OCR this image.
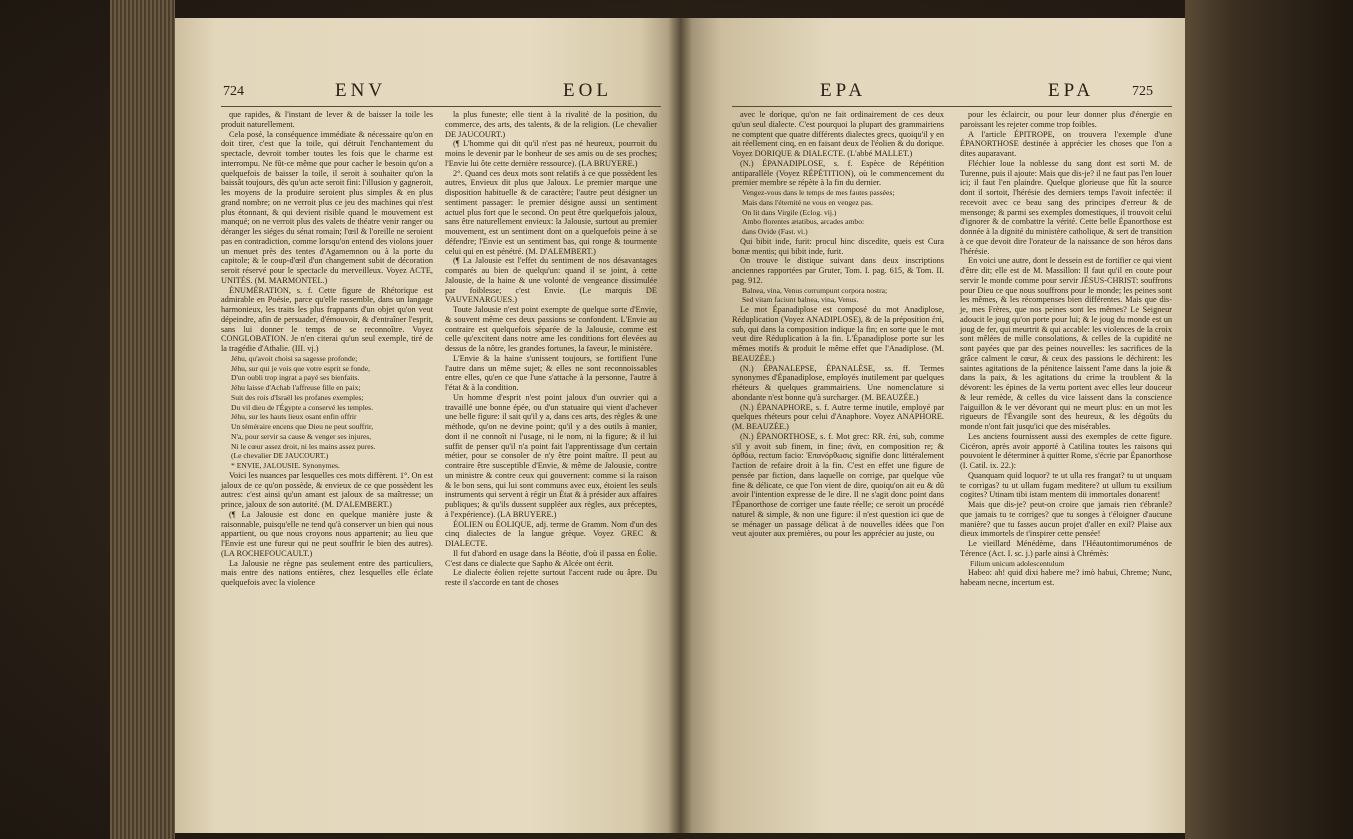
724	ENV	EOL

que rapides, & l'instant de lever & de baisser la toile les produit naturellement.

Cela posé, la conséquence immédiate & nécessaire qu'on en doit tirer, c'est que la toile, qui détruit l'enchantement du spectacle, devroit tomber toutes les fois que le charme est interrompu. Ne fût-ce même que pour cacher le besoin qu'on a quelquefois de baisser la toile, il seroit à souhaiter qu'on la baissât toujours, dès qu'un acte seroit fini: l'illusion y gagneroit, les moyens de la produire seroient plus simples & en plus grand nombre; on ne verroit plus ce jeu des machines qui n'est plus étonnant, & qui devient risible quand le mouvement est manqué; on ne verroit plus des valets de théatre venir ranger ou déranger les siéges du sénat romain; l'œil & l'oreille ne seroient pas en contradiction, comme lorsqu'on entend des violons jouer un menuet près des tentes d'Agamemnon ou à la porte du capitole; & le coup-d'œil d'un changement subit de décoration seroit réservé pour le spectacle du merveilleux. Voyez ACTE, UNITÉS. (M. MARMONTEL.)

ÉNUMÉRATION, s. f. Cette figure de Rhétorique est admirable en Poésie, parce qu'elle rassemble, dans un langage harmonieux, les traits les plus frappants d'un objet qu'on veut dépeindre, afin de persuader, d'émouvoir, & d'entraîner l'esprit, sans lui donner le temps de se reconnoître. Voyez CONGLOBATION. Je n'en citerai qu'un seul exemple, tiré de la tragédie d'Athalie. (III. vj.)

Jéhu, qu'avoit choisi sa sagesse profonde;

Jéhu, sur qui je vois que votre esprit se fonde,

D'un oubli trop ingrat a payé ses bienfaits.

Jéhu laisse d'Achab l'affreuse fille en paix;

Suit des rois d'Israël les profanes exemples;

Du vil dieu de l'Égypte a conservé les temples.

Jéhu, sur les hauts lieux osant enfin offrir

Un téméraire encens que Dieu ne peut souffrir,

N'a, pour servir sa cause & venger ses injures,

Ni le cœur assez droit, ni les mains assez pures.

(Le chevalier DE JAUCOURT.)

* ENVIE, JALOUSIE. Synonymes.

Voici les nuances par lesquelles ces mots diffèrent. 1°. On est jaloux de ce qu'on possède, & envieux de ce que possèdent les autres: c'est ainsi qu'un amant est jaloux de sa maîtresse; un prince, jaloux de son autorité. (M. D'ALEMBERT.)

(¶ La Jalousie est donc en quelque manière juste & raisonnable, puisqu'elle ne tend qu'à conserver un bien qui nous appartient, ou que nous croyons nous appartenir; au lieu que l'Envie est une fureur qui ne peut souffrir le bien des autres). (LA ROCHEFOUCAULT.)

La Jalousie ne règne pas seulement entre des particuliers, mais entre des nations entières, chez lesquelles elle éclate quelquefois avec la violence

la plus funeste; elle tient à la rivalité de la position, du commerce, des arts, des talents, & de la religion. (Le chevalier DE JAUCOURT.)

(¶ L'homme qui dit qu'il n'est pas né heureux, pourroit du moins le devenir par le bonheur de ses amis ou de ses proches; l'Envie lui ôte cette dernière ressource). (LA BRUYERE.)

2°. Quand ces deux mots sont relatifs à ce que possèdent les autres, Envieux dit plus que Jaloux. Le premier marque une disposition habituelle & de caractère; l'autre peut désigner un sentiment passager: le premier désigne aussi un sentiment actuel plus fort que le second. On peut être quelquefois jaloux, sans être naturellement envieux: la Jalousie, surtout au premier mouvement, est un sentiment dont on a quelquefois peine à se défendre; l'Envie est un sentiment bas, qui ronge & tourmente celui qui en est pénétré. (M. D'ALEMBERT.)

(¶ La Jalousie est l'effet du sentiment de nos désavantages comparés au bien de quelqu'un: quand il se joint, à cette Jalousie, de la haine & une volonté de vengeance dissimulée par foiblesse; c'est Envie. (Le marquis DE VAUVENARGUES.)

Toute Jalousie n'est point exempte de quelque sorte d'Envie, & souvent même ces deux passions se confondent. L'Envie au contraire est quelquefois séparée de la Jalousie, comme est celle qu'excitent dans notre ame les conditions fort élevées au dessus de la nôtre, les grandes fortunes, la faveur, le ministère.

L'Envie & la haine s'unissent toujours, se fortifient l'une l'autre dans un même sujet; & elles ne sont reconnoissables entre elles, qu'en ce que l'une s'attache à la personne, l'autre à l'état & à la condition.

Un homme d'esprit n'est point jaloux d'un ouvrier qui a travaillé une bonne épée, ou d'un statuaire qui vient d'achever une belle figure: il sait qu'il y a, dans ces arts, des règles & une méthode, qu'on ne devine point; qu'il y a des outils à manier, dont il ne connoît ni l'usage, ni le nom, ni la figure; & il lui suffit de penser qu'il n'a point fait l'apprentissage d'un certain métier, pour se consoler de n'y être point maître. Il peut au contraire être susceptible d'Envie, & même de Jalousie, contre un ministre & contre ceux qui gouvernent: comme si la raison & le bon sens, qui lui sont communs avec eux, étoient les seuls instruments qui servent à régir un État & à présider aux affaires publiques; & qu'ils dussent suppléer aux règles, aux préceptes, à l'expérience). (LA BRUYERE.)

ÉOLIEN ou ÉOLIQUE, adj. terme de Gramm. Nom d'un des cinq dialectes de la langue grèque. Voyez GREC & DIALECTE.

Il fut d'abord en usage dans la Béotie, d'où il passa en Éolie. C'est dans ce dialecte que Sapho & Alcée ont écrit.

Le dialecte éolien rejette surtout l'accent rude ou âpre. Du reste il s'accorde en tant de choses

EPA	EPA	725

avec le dorique, qu'on ne fait ordinairement de ces deux qu'un seul dialecte. C'est pourquoi la plupart des grammairiens ne comptent que quatre différents dialectes grecs, quoiqu'il y en ait réellement cinq, en en faisant deux de l'éolien & du dorique. Voyez DORIQUE & DIALECTE. (L'abbé MALLET.)

(N.) ÉPANADIPLOSE, s. f. Espèce de Répétition antiparallèle (Voyez RÉPÉTITION), où le commencement du premier membre se répète à la fin du dernier.

Vengez-vous dans le temps de mes fautes passées;

Mais dans l'éternité ne vous en vengez pas.

On lit dans Virgile (Eclog. vij.)

Ambo florentes ætatibus, arcades ambo:

dans Ovide (Fast. vi.)

Qui bibit inde, furit: procul hinc discedite, queis est Cura bonæ mentis; qui bibit inde, furit.

On trouve le distique suivant dans deux inscriptions anciennes rapportées par Gruter, Tom. I. pag. 615, & Tom. II. pag. 912.

Balnea, vina, Venus corrumpunt corpora nostra;

Sed vitam faciunt balnea, vina, Venus.

Le mot Épanadiplose est composé du mot Anadiplose, Réduplication (Voyez ANADIPLOSE), & de la préposition ἐπὶ, sub, qui dans la composition indique la fin; en sorte que le mot veut dire Réduplication à la fin. L'Épanadiplose porte sur les mêmes motifs & produit le même effet que l'Anadiplose. (M. BEAUZÉE.)

(N.) ÉPANALEPSE, ÉPANALÈSE, ss. ff. Termes synonymes d'Épanadiplose, employés inutilement par quelques rhéteurs & quelques grammairiens. Une nomenclature si abondante n'est bonne qu'à surcharger. (M. BEAUZÉE.)

(N.) ÉPANAPHORE, s. f. Autre terme inutile, employé par quelques rhéteurs pour celui d'Anaphore. Voyez ANAPHORE. (M. BEAUZÉE.)

(N.) ÉPANORTHOSE, s. f. Mot grec: RR. ἐπὶ, sub, comme s'il y avoit sub finem, in fine; ἀνὰ, en composition re; & ὀρθόω, rectum facio: Ἐπανόρθωσις signifie donc littéralement l'action de refaire droit à la fin. C'est en effet une figure de pensée par fiction, dans laquelle on corrige, par quelque vûe fine & délicate, ce que l'on vient de dire, quoiqu'on ait eu & dû avoir l'intention expresse de le dire. Il ne s'agit donc point dans l'Épanorthose de corriger une faute réelle; ce seroit un procédé naturel & simple, & non une figure: il n'est question ici que de se ménager un passage délicat à de nouvelles idées que l'on veut ajouter aux premières, ou pour les apprécier au juste, ou

pour les éclaircir, ou pour leur donner plus d'énergie en paroissant les rejeter comme trop foibles.

A l'article ÉPITROPE, on trouvera l'exemple d'une ÉPANORTHOSE destinée à apprécier les choses que l'on a dites auparavant.

Fléchier loue la noblesse du sang dont est sorti M. de Turenne, puis il ajoute: Mais que dis-je? il ne faut pas l'en louer ici; il faut l'en plaindre. Quelque glorieuse que fût la source dont il sortoit, l'hérésie des derniers temps l'avoit infectée: il recevoit avec ce beau sang des principes d'erreur & de mensonge; & parmi ses exemples domestiques, il trouvoit celui d'ignorer & de combattre la vérité. Cette belle Épanorthose est donnée à la dignité du ministère catholique, & sert de transition à ce que devoit dire l'orateur de la naissance de son héros dans l'hérésie.

En voici une autre, dont le dessein est de fortifier ce qui vient d'être dit; elle est de M. Massillon: Il faut qu'il en coute pour servir le monde comme pour servir JÉSUS-CHRIST: souffrons pour Dieu ce que nous souffrons pour le monde; les peines sont les mêmes, & les récompenses bien différentes. Mais que dis-je, mes Frères, que nos peines sont les mêmes? Le Seigneur adoucit le joug qu'on porte pour lui; & le joug du monde est un joug de fer, qui meurtrit & qui accable: les violences de la croix sont mêlées de mille consolations, & celles de la cupidité ne sont payées que par des peines nouvelles: les sacrifices de la grâce calment le cœur, & ceux des passions le déchirent: les saintes agitations de la pénitence laissent l'ame dans la joie & dans la paix, & les agitations du crime la troublent & la dévorent: les épines de la vertu portent avec elles leur douceur & leur remède, & celles du vice laissent dans la conscience l'aiguillon & le ver dévorant qui ne meurt plus: en un mot les rigueurs de l'Évangile sont des heureux, & les dégoûts du monde n'ont fait jusqu'ici que des misérables.

Les anciens fournissent aussi des exemples de cette figure. Cicéron, après avoir apporté à Catilina toutes les raisons qui pouvoient le déterminer à quitter Rome, s'écrie par Épanorthose (I. Catil. ix. 22.):

Quanquam quid loquor? te ut ulla res frangat? tu ut unquam te corrigas? tu ut ullam fugam meditere? ut ullum tu exsilium cogites? Utinam tibi istam mentem dii immortales donarent!

Mais que dis-je? peut-on croire que jamais rien t'ébranle? que jamais tu te corriges? que tu songes à t'éloigner d'aucune manière? que tu fasses aucun projet d'aller en exil? Plaise aux dieux immortels de t'inspirer cette pensée!

Le vieillard Ménédème, dans l'Héautontimoruménos de Térence (Act. I. sc. j.) parle ainsi à Chrémès:

Filium unicum adolescentulum

Habeo: ah! quid dixi habere me? imò habui, Chreme; Nunc, habeam necne, incertum est.
